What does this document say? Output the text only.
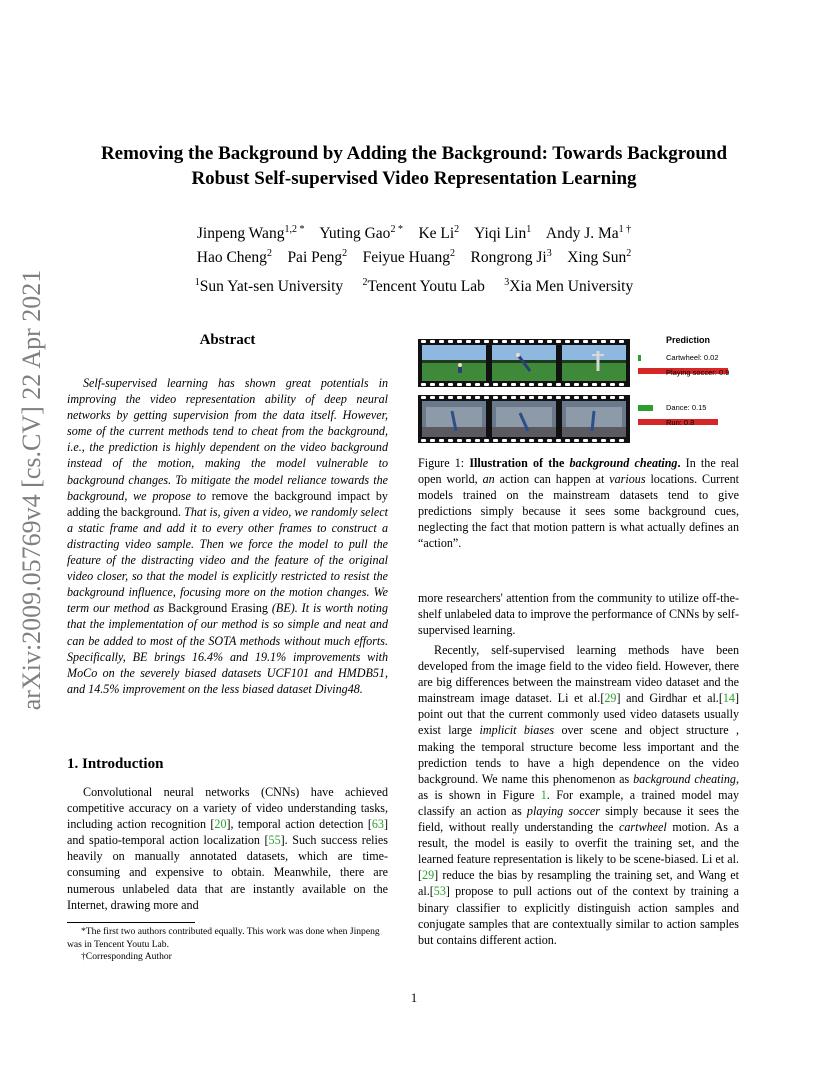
arXiv:2009.05769v4 [cs.CV] 22 Apr 2021
Removing the Background by Adding the Background: Towards Background
Robust Self-supervised Video Representation Learning
Jinpeng Wang$^{1,2 *}$ Yuting Gao$^{2 *}$ Ke Li$^2$ Yiqi Lin$^1$ Andy J. $Ma^{1 \dagger}$
Hao Cheng$^2$ Pai Peng$^2$ Feiyue Huang$^2$ Rongrong Ji$^3$ Xing Sun$^2$
$^1$Sun Yat-sen University $^2$Tencent Youtu Lab $^3$Xia Men University
Abstract

Self-supervised learning has shown great potentials in improving the video representation ability of deep neural networks by getting supervision from the data itself. However, some of the current methods tend to cheat from the background, i.e., the prediction is highly dependent on the video background instead of the motion, making the model vulnerable to background changes. To mitigate the model reliance towards the background, we propose to remove the background impact by adding the background. That is, given a video, we randomly select a static frame and add it to every other frames to construct a distracting video sample. Then we force the model to pull the feature of the distracting video and the feature of the original video closer, so that the model is explicitly restricted to resist the background influence, focusing more on the motion changes. We term our method as Background Erasing (BE). It is worth noting that the implementation of our method is so simple and neat and can be added to most of the SOTA methods without much efforts. Specifically, BE brings 16.4% and 19.1% improvements with MoCo on the severely biased datasets UCF101 and HMDB51, and 14.5% improvement on the less biased dataset Diving48.

1. Introduction

Convolutional neural networks (CNNs) have achieved competitive accuracy on a variety of video understanding tasks, including action recognition [20], temporal action detection [63] and spatio-temporal action localization [55]. Such success relies heavily on manually annotated datasets, which are time-consuming and expensive to obtain. Meanwhile, there are numerous unlabeled data that are instantly available on the Internet, drawing more and

*The first two authors contributed equally. This work was done when Jinpeng was in Tencent Youtu Lab.

†Corresponding Author

Prediction
Cartwheel: 0.02
Playing soccer: 0.9
Dance: 0.15
Run: 0.8

Figure 1: Illustration of the background cheating. In the real open world, an action can happen at various locations. Current models trained on the mainstream datasets tend to give predictions simply because it sees some background cues, neglecting the fact that motion pattern is what actually defines an “action”.

more researchers' attention from the community to utilize off-the-shelf unlabeled data to improve the performance of CNNs by self-supervised learning.

Recently, self-supervised learning methods have been developed from the image field to the video field. However, there are big differences between the mainstream video dataset and the mainstream image dataset. Li et al.[29] and Girdhar et al.[14] point out that the current commonly used video datasets usually exist large implicit biases over scene and object structure , making the temporal structure become less important and the prediction tends to have a high dependence on the video background. We name this phenomenon as background cheating, as is shown in Figure 1. For example, a trained model may classify an action as playing soccer simply because it sees the field, without really understanding the cartwheel motion. As a result, the model is easily to overfit the training set, and the learned feature representation is likely to be scene-biased. Li et al.[29] reduce the bias by resampling the training set, and Wang et al.[53] propose to pull actions out of the context by training a binary classifier to explicitly distinguish action samples and conjugate samples that are contextually similar to action samples but contains different action.

1
